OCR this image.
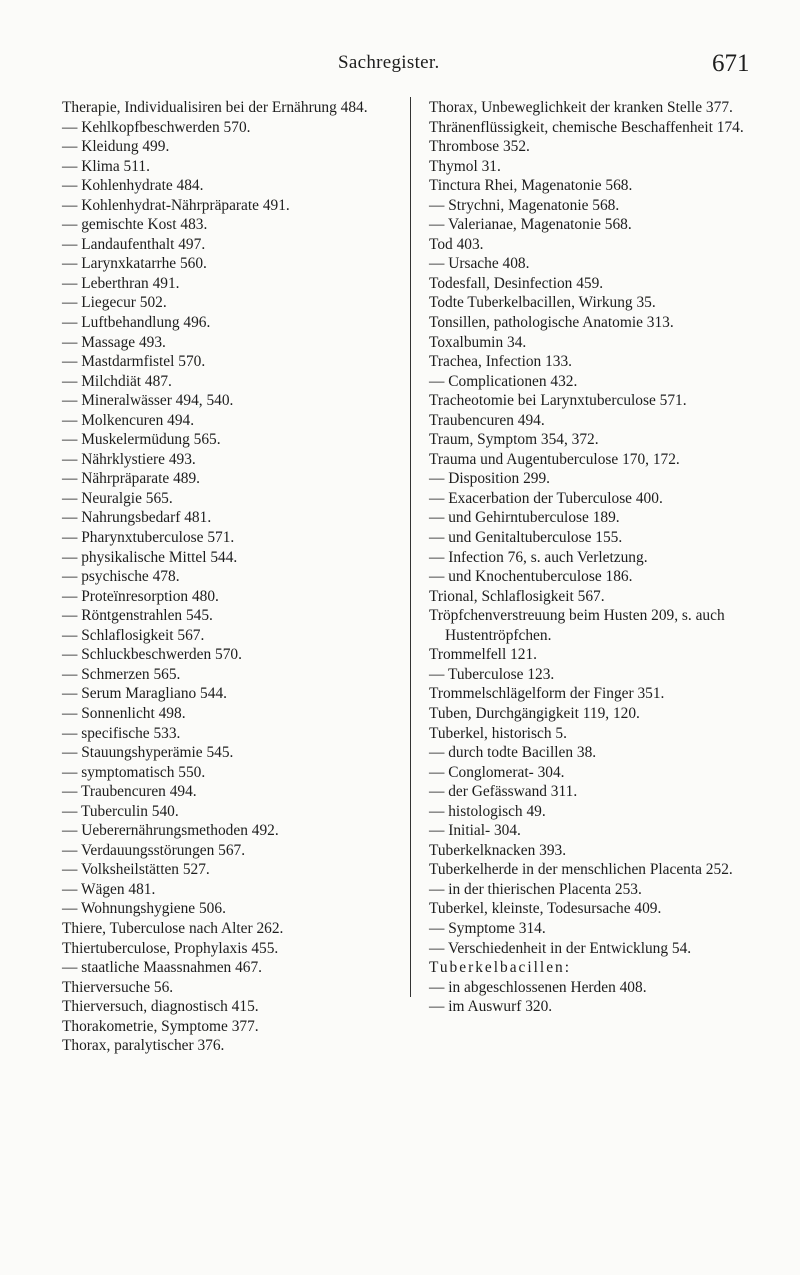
Sachregister.	671
Therapie, Individualisiren bei der Ernährung 484.
— Kehlkopfbeschwerden 570.
— Kleidung 499.
— Klima 511.
— Kohlenhydrate 484.
— Kohlenhydrat-Nährpräparate 491.
— gemischte Kost 483.
— Landaufenthalt 497.
— Larynxkatarrhe 560.
— Leberthran 491.
— Liegecur 502.
— Luftbehandlung 496.
— Massage 493.
— Mastdarmfistel 570.
— Milchdiät 487.
— Mineralwässer 494, 540.
— Molkencuren 494.
— Muskelermüdung 565.
— Nährklystiere 493.
— Nährpräparate 489.
— Neuralgie 565.
— Nahrungsbedarf 481.
— Pharynxtuberculose 571.
— physikalische Mittel 544.
— psychische 478.
— Proteïnresorption 480.
— Röntgenstrahlen 545.
— Schlaflosigkeit 567.
— Schluckbeschwerden 570.
— Schmerzen 565.
— Serum Maragliano 544.
— Sonnenlicht 498.
— specifische 533.
— Stauungshyperämie 545.
— symptomatisch 550.
— Traubencuren 494.
— Tuberculin 540.
— Ueberernährungsmethoden 492.
— Verdauungsstörungen 567.
— Volksheilstätten 527.
— Wägen 481.
— Wohnungshygiene 506.
Thiere, Tuberculose nach Alter 262.
Thiertuberculose, Prophylaxis 455.
— staatliche Maassnahmen 467.
Thierversuche 56.
Thierversuch, diagnostisch 415.
Thorakometrie, Symptome 377.
Thorax, paralytischer 376.
Thorax, Unbeweglichkeit der kranken Stelle 377.
Thränenflüssigkeit, chemische Beschaffenheit 174.
Thrombose 352.
Thymol 31.
Tinctura Rhei, Magenatonie 568.
— Strychni, Magenatonie 568.
— Valerianae, Magenatonie 568.
Tod 403.
— Ursache 408.
Todesfall, Desinfection 459.
Todte Tuberkelbacillen, Wirkung 35.
Tonsillen, pathologische Anatomie 313.
Toxalbumin 34.
Trachea, Infection 133.
— Complicationen 432.
Tracheotomie bei Larynxtuberculose 571.
Traubencuren 494.
Traum, Symptom 354, 372.
Trauma und Augentuberculose 170, 172.
— Disposition 299.
— Exacerbation der Tuberculose 400.
— und Gehirntuberculose 189.
— und Genitaltuberculose 155.
— Infection 76, s. auch Verletzung.
— und Knochentuberculose 186.
Trional, Schlaflosigkeit 567.
Tröpfchenverstreuung beim Husten 209, s. auch Hustentröpfchen.
Trommelfell 121.
— Tuberculose 123.
Trommelschlägelform der Finger 351.
Tuben, Durchgängigkeit 119, 120.
Tuberkel, historisch 5.
— durch todte Bacillen 38.
— Conglomerat- 304.
— der Gefässwand 311.
— histologisch 49.
— Initial- 304.
Tuberkelknacken 393.
Tuberkelherde in der menschlichen Placenta 252.
— in der thierischen Placenta 253.
Tuberkel, kleinste, Todesursache 409.
— Symptome 314.
— Verschiedenheit in der Entwicklung 54.
Tuberkelbacillen:
— in abgeschlossenen Herden 408.
— im Auswurf 320.
